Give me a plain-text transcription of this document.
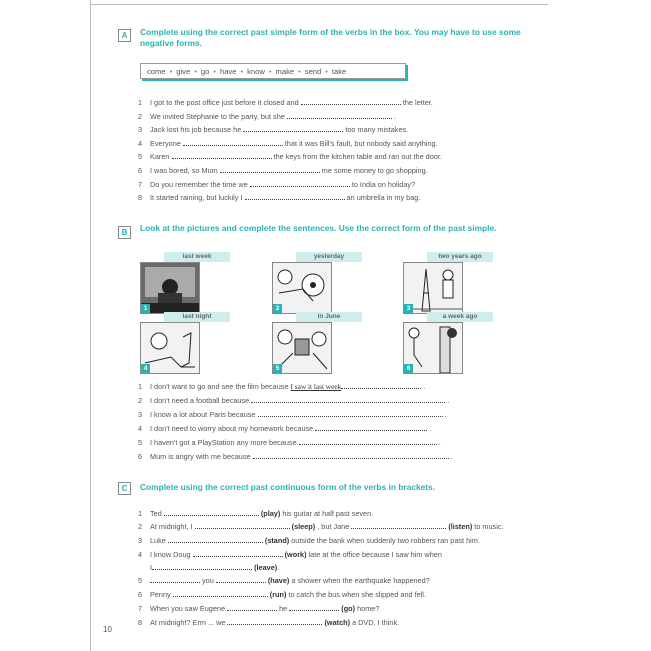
A	Complete using the correct past simple form of the verbs in the box. You may have to use some negative forms.
come • give • go • have • know • make • send • take
B	Look at the pictures and complete the sentences. Use the correct form of the past simple.
1
last week
2
yesterday
3
two years ago
4
last night
5
in June
6
a week ago
C	Complete using the correct past continuous form of the verbs in brackets.
10
1 I got to the post office just before it closed and	the letter.
2 We invited Stephanie to the party, but she	.
3 Jack lost his job because he	too many mistakes.
4 Everyone	that it was Bill's fault, but nobody said anything.
5 Karen	the keys from the kitchen table and ran out the door.
6 I was bored, so Mum	me some money to go shopping.
7 Do you remember the time we	to India on holiday?
8 It started raining, but luckily I	an umbrella in my bag.
1 I don't want to go and see the film because I saw it last week	.
2 I don't need a football because	.
3 I know a lot about Paris because	.
4 I don't need to worry about my homework because	.
5 I haven't got a PlayStation any more because	.
6 Mum is angry with me because	.
1 Ted	(play) his guitar at half past seven.
2 At midnight, I	(sleep) , but Jane	(listen) to music.
3 Luke	(stand) outside the bank when suddenly two robbers ran past him.
4 I know Doug	(work) late at the office because I saw him when
I	(leave).
5	you	(have) a shower when the earthquake happened?
6 Penny	(run) to catch the bus when she slipped and fell.
7 When you saw Eugene	he	(go) home?
8 At midnight? Erm ... we	(watch) a DVD, I think.
